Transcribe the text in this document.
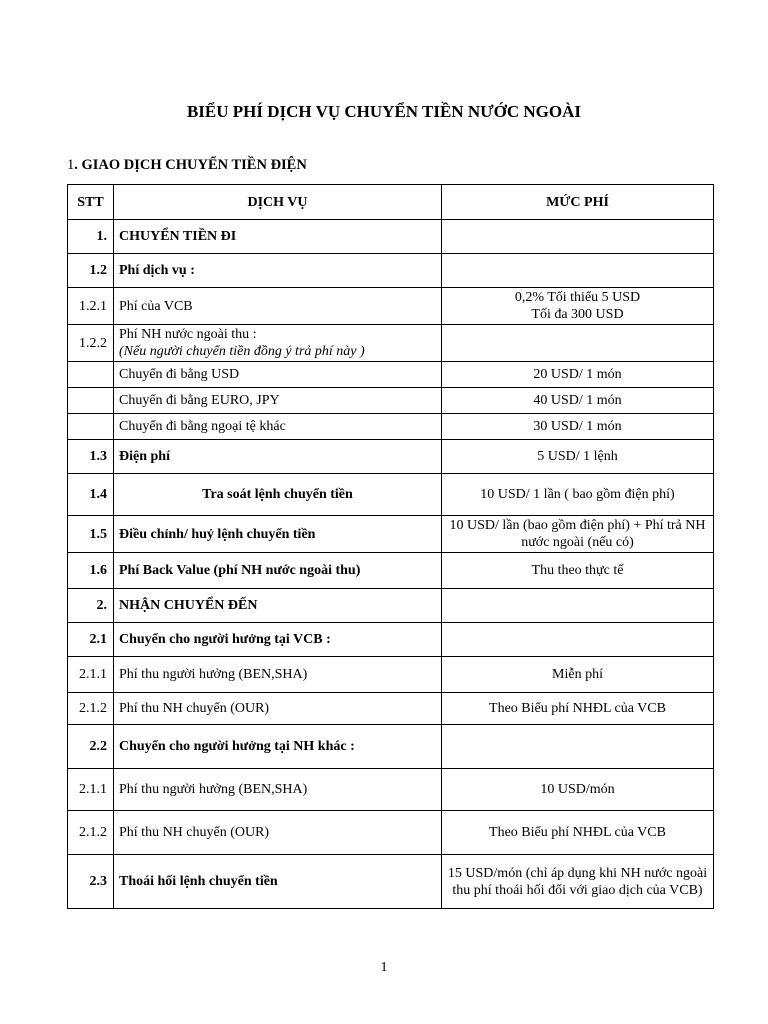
BIỂU PHÍ DỊCH VỤ CHUYỂN TIỀN NƯỚC NGOÀI
1. GIAO DỊCH CHUYỂN TIỀN ĐIỆN
STT	DỊCH VỤ	MỨC PHÍ
1.	CHUYỂN TIỀN ĐI	
1.2	Phí dịch vụ :	
1.2.1	Phí của VCB	0,2% Tối thiểu 5 USD
Tối đa 300 USD

1.2.2	Phí NH nước ngoài thu :
(Nếu người chuyển tiền đồng ý trả phí này )	

	Chuyển đi bằng USD	20 USD/ 1 món
	Chuyển đi bằng EURO, JPY	40 USD/ 1 món
	Chuyển đi bằng ngoại tệ khác	30 USD/ 1 món
1.3	Điện phí	5 USD/ 1 lệnh
1.4	Tra soát lệnh chuyển tiền	10 USD/ 1 lần ( bao gồm điện phí)
1.5	Điều chỉnh/ huỷ lệnh chuyển tiền	10 USD/ lần (bao gồm điện phí) + Phí trả NH nước ngoài (nếu có)
1.6	Phí Back Value (phí NH nước ngoài thu)	Thu theo thực tế
2.	NHẬN CHUYỂN ĐẾN	
2.1	Chuyển cho người hưởng tại VCB :	
2.1.1	Phí thu người hưởng (BEN,SHA)	Miễn phí
2.1.2	Phí thu NH chuyển (OUR)	Theo Biểu phí NHĐL của VCB
2.2	Chuyển cho người hưởng tại NH khác :	
2.1.1	Phí thu người hưởng (BEN,SHA)	10 USD/món
2.1.2	Phí thu NH chuyển (OUR)	Theo Biểu phí NHĐL của VCB
2.3	Thoái hối lệnh chuyển tiền	15 USD/món (chỉ áp dụng khi NH nước ngoài thu phí thoái hối đối với giao dịch của VCB)
1
